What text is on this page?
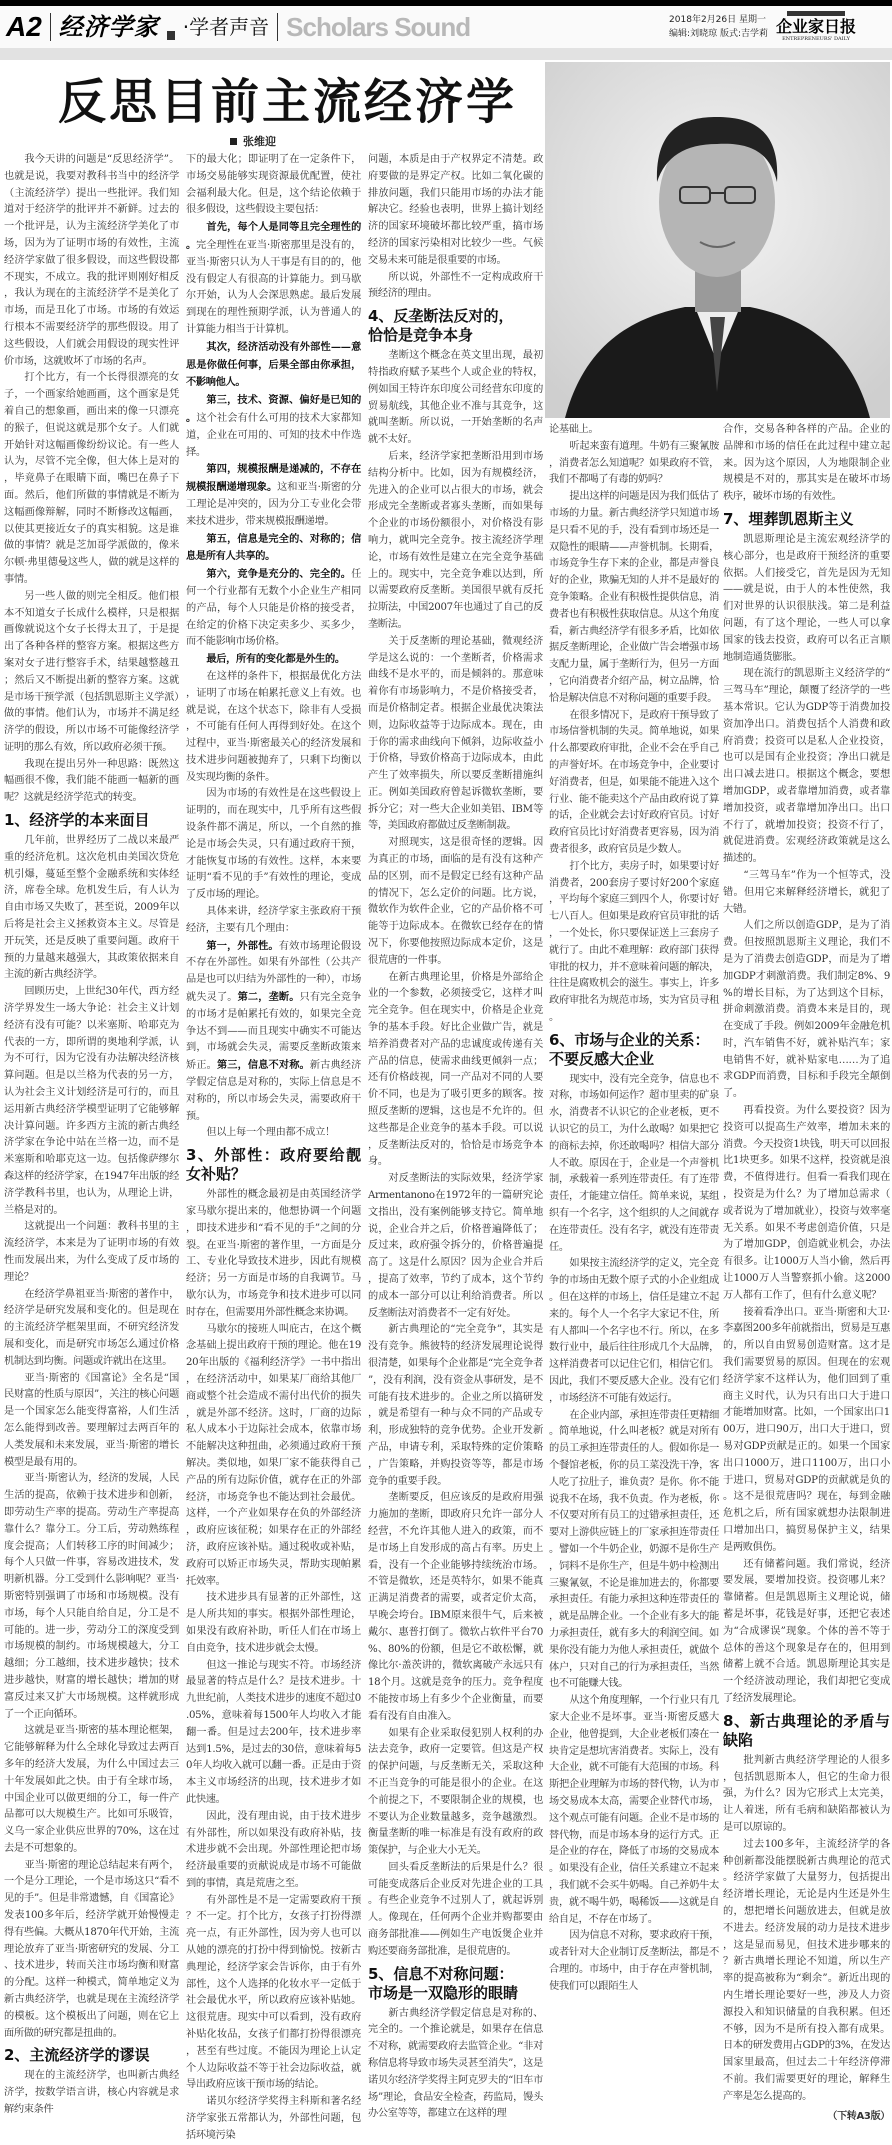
A2 经济学家 ·学者声音 Scholars Sound	2018年2月26日 星期一
编辑:刘晓琼 版式:吉学莉 企业家日报
ENTREPRENEURS' DAILY
反思目前主流经济学
张维迎

我今天讲的问题是“反思经济学”。也就是说，我要对教科书当中的经济学（主流经济学）提出一些批评。我们知道对于经济学的批评并不新鲜。过去的一个批评是，认为主流经济学美化了市场，因为为了证明市场的有效性，主流经济学家做了很多假设，而这些假设都不现实，不成立。我的批评则刚好相反，我认为现在的主流经济学不是美化了市场，而是丑化了市场。市场的有效运行根本不需要经济学的那些假设。用了这些假设，人们就会用假设的现实性评价市场，这就败坏了市场的名声。

打个比方，有一个长得很漂亮的女子，一个画家给她画画，这个画家是凭着自己的想象画，画出来的像一只漂亮的猴子，但说这就是那个女子。人们就开始针对这幅画像纷纷议论。有一些人认为，尽管不完全像，但大体上是对的，毕竟鼻子在眼睛下面，嘴巴在鼻子下面。然后，他们所做的事情就是不断为这幅画像辩解，同时不断修改这幅画，以使其更接近女子的真实相貌。这是谁做的事情？就是芝加哥学派做的，像米尔顿·弗里德曼这些人，做的就是这样的事情。

另一些人做的则完全相反。他们根本不知道女子长成什么模样，只是根据画像就说这个女子长得太丑了，于是提出了各种各样的整容方案。根据这些方案对女子进行整容手术，结果越整越丑；然后又不断提出新的整容方案。这就是市场干预学派（包括凯恩斯主义学派）做的事情。他们认为，市场并不满足经济学的假设，所以市场不可能像经济学证明的那么有效，所以政府必须干预。

我现在提出另外一种思路：既然这幅画很不像，我们能不能画一幅新的画呢？这就是经济学范式的转变。

1、经济学的本来面目

几年前，世界经历了二战以来最严重的经济危机。这次危机由美国次贷危机引爆，蔓延至整个金融系统和实体经济，席卷全球。危机发生后，有人认为自由市场又失败了，甚至说，2009年以后将是社会主义拯救资本主义。尽管是开玩笑，还是反映了重要问题。政府干预的力量越来越强大，其政策依据来自主流的新古典经济学。

回顾历史，上世纪30年代，西方经济学界发生一场大争论：社会主义计划经济有没有可能？以米塞斯、哈耶克为代表的一方，即所谓的奥地利学派，认为不可行，因为它没有办法解决经济核算问题。但是以兰格为代表的另一方，认为社会主义计划经济是可行的，而且运用新古典经济学模型证明了它能够解决计算问题。许多西方主流的新古典经济学家在争论中站在兰格一边，而不是米塞斯和哈耶克这一边。包括像萨缪尔森这样的经济学家，在1947年出版的经济学教科书里，也认为，从理论上讲，兰格是对的。

这就提出一个问题：教科书里的主流经济学，本来是为了证明市场的有效性而发展出来，为什么变成了反市场的理论？

在经济学鼻祖亚当·斯密的著作中，经济学是研究发展和变化的。但是现在的主流经济学框架里面，不研究经济发展和变化，而是研究市场怎么通过价格机制达到均衡。问题或许就出在这里。

亚当·斯密的《国富论》全名是“国民财富的性质与原因”，关注的核心问题是一个国家怎么能变得富裕，人们生活怎么能得到改善。要理解过去两百年的人类发展和未来发展，亚当·斯密的增长模型是最有用的。

亚当·斯密认为，经济的发展，人民生活的提高，依赖于技术进步和创新，即劳动生产率的提高。劳动生产率提高靠什么？靠分工。分工后，劳动熟练程度会提高；人们转移工序的时间减少；每个人只做一件事，容易改进技术，发明新机器。分工受到什么影响呢？亚当·斯密特别强调了市场和市场规模。没有市场，每个人只能自给自足，分工是不可能的。进一步，劳动分工的深度受到市场规模的制约。市场规模越大，分工越细；分工越细，技术进步越快；技术进步越快，财富的增长越快；增加的财富反过来又扩大市场规模。这样就形成了一个正向循环。

这就是亚当·斯密的基本理论框架，它能够解释为什么全球化导致过去两百多年的经济大发展，为什么中国过去三十年发展如此之快。由于有全球市场，中国企业可以做更细的分工，每一件产品都可以大规模生产。比如可乐吸管，义乌一家企业供应世界的70%，这在过去是不可想象的。

亚当·斯密的理论总结起来有两个，一个是分工理论，一个是市场这只“看不见的手”。但是非常遗憾，自《国富论》发表100多年后，经济学就开始慢慢走得有些偏。大概从1870年代开始，主流理论放弃了亚当·斯密研究的发展、分工、技术进步，转而关注市场均衡和财富的分配。这样一种模式，简单地定义为新古典经济学，也就是现在主流经济学的模板。这个模板出了问题，则在它上面所做的研究都是扭曲的。

2、主流经济学的谬误

现在的主流经济学，也叫新古典经济学，按数学语言讲，核心内容就是求解约束条件

下的最大化；即证明了在一定条件下，市场交易能够实现资源最优配置，使社会福利最大化。但是，这个结论依赖于很多假设，这些假设主要包括：

首先，每个人是同等且完全理性的。完全理性在亚当·斯密那里是没有的，亚当·斯密只认为人干事是有目的的，他没有假定人有很高的计算能力。到马歇尔开始，认为人会深思熟虑。最后发展到现在的理性预期学派，认为普通人的计算能力相当于计算机。

其次，经济活动没有外部性——意思是你做任何事，后果全部由你承担，不影响他人。

第三，技术、资源、偏好是已知的。这个社会有什么可用的技术大家都知道，企业在可用的、可知的技术中作选择。

第四，规模报酬是递减的，不存在规模报酬递增现象。这和亚当·斯密的分工理论是冲突的，因为分工专业化会带来技术进步，带来规模报酬递增。

第五，信息是完全的、对称的；信息是所有人共享的。

第六，竞争是充分的、完全的。任何一个行业都有无数个小企业生产相同的产品，每个人只能是价格的接受者，在给定的价格下决定卖多少、买多少，而不能影响市场价格。

最后，所有的变化都是外生的。

在这样的条件下，根据最优化方法，证明了市场在帕累托意义上有效。也就是说，在这个状态下，除非有人受损，不可能有任何人再得到好处。在这个过程中，亚当·斯密最关心的经济发展和技术进步问题被抛弃了，只剩下均衡以及实现均衡的条件。

因为市场的有效性是在这些假设上证明的，而在现实中，几乎所有这些假设条件都不满足，所以，一个自然的推论是市场会失灵，只有通过政府干预，才能恢复市场的有效性。这样，本来要证明“看不见的手”有效性的理论，变成了反市场的理论。

具体来讲，经济学家主张政府干预经济，主要有几个理由：

第一，外部性。有效市场理论假设不存在外部性。如果有外部性（公共产品是也可以归结为外部性的一种），市场就失灵了。第二，垄断。只有完全竞争的市场才是帕累托有效的，如果完全竞争达不到——而且现实中确实不可能达到，市场就会失灵，需要反垄断政策来矫正。第三，信息不对称。新古典经济学假定信息是对称的，实际上信息是不对称的，所以市场会失灵，需要政府干预。

但以上每一个理由都不成立！

3、外部性：政府要给靓女补贴？

外部性的概念最初是由英国经济学家马歇尔提出来的，他想协调一个问题，即技术进步和“看不见的手”之间的分裂。在亚当·斯密的著作里，一方面是分工、专业化导致技术进步，因此有规模经济；另一方面是市场的自我调节。马歇尔认为，市场竞争和技术进步可以同时存在，但需要用外部性概念来协调。

马歇尔的接班人叫庇古，在这个概念基础上提出政府干预的理论。他在1920年出版的《福利经济学》一书中指出，在经济活动中，如果某厂商给其他厂商或整个社会造成不需付出代价的损失，就是外部不经济。这时，厂商的边际私人成本小于边际社会成本，依靠市场不能解决这种扭曲，必须通过政府干预解决。类似地，如果厂家不能获得自己产品的所有边际价值，就存在正的外部经济，市场竞争也不能达到社会最优。这样，一个产业如果存在负的外部经济，政府应该征税；如果存在正的外部经济，政府应该补贴。通过税收或补贴，政府可以矫正市场失灵，帮助实现帕累托效率。

技术进步具有显著的正外部性，这是人所共知的事实。根据外部性理论，如果没有政府补助，听任人们在市场上自由竞争，技术进步就会太慢。

但这一推论与现实不符。市场经济最显著的特点是什么？是技术进步。十九世纪前，人类技术进步的速度不超过0.05%，意味着每1500年人均收入才能翻一番。但是过去200年，技术进步率达到1.5%，是过去的30倍，意味着每50年人均收入就可以翻一番。正是由于资本主义市场经济的出现，技术进步才如此快速。

因此，没有理由说，由于技术进步有外部性，所以如果没有政府补贴，技术进步就不会出现。外部性理论把市场经济最重要的贡献说成是市场不可能做到的事情，真是荒唐之至。

有外部性是不是一定需要政府干预？不一定。打个比方，女孩子打扮得漂亮一点，有正外部性，因为旁人也可以从她的漂亮的打扮中得到愉悦。按新古典理论，经济学家会告诉你，由于有外部性，这个人选择的化妆水平一定低于社会最优水平，所以政府应该补贴她。这很荒唐。现实中可以看到，没有政府补贴化妆品，女孩子们都打扮得很漂亮，甚至有些过度。不能因为理论上认定个人边际收益不等于社会边际收益，就导出政府应该干预市场的结论。

诺贝尔经济学奖得主科斯和著名经济学家张五常都认为，外部性问题，包括环境污染

问题，本质是由于产权界定不清楚。政府要做的是界定产权。比如二氧化碳的排放问题，我们只能用市场的办法才能解决它。经验也表明，世界上搞计划经济的国家环境破坏都比较严重，搞市场经济的国家污染相对比较少一些。气候交易未来可能是很重要的市场。

所以说，外部性不一定构成政府干预经济的理由。

4、反垄断法反对的，
恰恰是竞争本身

垄断这个概念在英文里出现，最初特指政府赋予某些个人或企业的特权，例如国王特许东印度公司经营东印度的贸易航线，其他企业不准与其竞争，这就叫垄断。所以说，一开始垄断的名声就不太好。

后来，经济学家把垄断沿用到市场结构分析中。比如，因为有规模经济，先进入的企业可以占很大的市场，就会形成完全垄断或者寡头垄断，而如果每个企业的市场份额很小，对价格没有影响力，就叫完全竞争。按主流经济学理论，市场有效性是建立在完全竞争基础上的。现实中，完全竞争难以达到，所以需要政府反垄断。美国很早就有反托拉斯法，中国2007年也通过了自己的反垄断法。

关于反垄断的理论基础，微观经济学是这么说的：一个垄断者，价格需求曲线不是水平的，而是倾斜的。那意味着你有市场影响力，不是价格接受者，而是价格制定者。根据企业最优决策法则，边际收益等于边际成本。现在，由于你的需求曲线向下倾斜，边际收益小于价格，导致价格高于边际成本，由此产生了效率损失，所以要反垄断措施纠正。例如美国政府曾起诉微软垄断，要拆分它；对一些大企业如美铝、IBM等等，美国政府都做过反垄断制裁。

对照现实，这是很奇怪的逻辑。因为真正的市场，面临的是有没有这种产品的区别，而不是假定已经有这种产品的情况下，怎么定价的问题。比方说，微软作为软件企业，它的产品价格不可能等于边际成本。在微软已经存在的情况下，你要他按照边际成本定价，这是很荒唐的一件事。

在新古典理论里，价格是外部给企业的一个参数，必须接受它，这样才叫完全竞争。但在现实中，价格是企业竞争的基本手段。好比企业做广告，就是培养消费者对产品的忠诚度或传递有关产品的信息，使需求曲线更倾斜一点；还有价格歧视，同一产品对不同的人要价不同，也是为了吸引更多的顾客。按照反垄断的逻辑，这也是不允许的。但这些都是企业竞争的基本手段。可以说，反垄断法反对的，恰恰是市场竞争本身。

对反垄断法的实际效果，经济学家Armentanono在1972年的一篇研究论文指出，没有案例能够支持它。简单地说，企业合并之后，价格普遍降低了；反过来，政府强令拆分的，价格普遍提高了。这是什么原因？因为企业合并后，提高了效率，节约了成本，这个节约的成本一部分可以让利给消费者。所以反垄断法对消费者不一定有好处。

新古典理论的“完全竞争”，其实是没有竞争。熊彼特的经济发展理论说得很清楚，如果每个企业都是“完全竞争者”，没有利润，没有资金从事研发，是不可能有技术进步的。企业之所以搞研发，就是希望有一种与众不同的产品或专利，形成独特的竞争优势。企业开发新产品，申请专利，采取特殊的定价策略，广告策略，并购投资等等，都是市场竞争的重要手段。

垄断要反，但应该反的是政府用强力施加的垄断，即政府只允许一部分人经营，不允许其他人进入的政策，而不是市场上自发形成的高占有率。历史上看，没有一个企业能够持续统治市场。不管是微软，还是英特尔，如果不能真正满足消费者的需要，或者定价太高，早晚会垮台。IBM原来很牛气，后来被戴尔、惠普打倒了。微软占软件平台70%、80%的份额，但是它不敢松懈，就像比尔·盖茨讲的，微软离破产永远只有18个月。这就是竞争的压力。竞争程度不能按市场上有多少个企业衡量，而要看有没有自由准入。

如果有企业采取侵犯别人权利的办法去竞争，政府一定要管。但这是产权的保护问题，与反垄断无关，采取这种不正当竞争的可能是很小的企业。在这个前提之下，不要限制企业的规模，也不要认为企业数量越多，竞争越激烈。衡量垄断的唯一标准是有没有政府的政策保护，与企业大小无关。

回头看反垄断法的后果是什么？很可能变成落后企业反对先进企业的工具。有些企业竞争不过别人了，就起诉别人。像现在，任何两个企业并购都要由商务部批准——例如生产电饭煲企业并购还要商务部批准，是很荒唐的。

5、信息不对称问题：
市场是一双隐形的眼睛

新古典经济学假定信息是对称的、完全的。一个推论就是，如果存在信息不对称，就需要政府去监管企业。“非对称信息将导致市场失灵甚至消失”，这是诺贝尔经济学奖得主阿克罗夫的“旧车市场”理论，食品安全检查，药监局，馒头办公室等等，都建立在这样的理

论基础上。

听起来蛮有道理。牛奶有三聚氰胺，消费者怎么知道呢？如果政府不管，我们不都喝了有毒的奶吗？

提出这样的问题是因为我们低估了市场的力量。新古典经济学只知道市场是只看不见的手，没有看到市场还是一双隐性的眼睛——声誉机制。长期看，市场竞争生存下来的企业，都是声誉良好的企业，欺骗无知的人并不是最好的竞争策略。企业有积极性提供信息，消费者也有积极性获取信息。从这个角度看，新古典经济学有很多矛盾，比如依据反垄断理论，企业做广告会增强市场支配力量，属于垄断行为，但另一方面，它向消费者介绍产品，树立品牌，恰恰是解决信息不对称问题的重要手段。

在很多情况下，是政府干预导致了市场信誉机制的失灵。简单地说，如果什么都要政府审批，企业不会在乎自己的声誉好坏。在市场竞争中，企业要讨好消费者，但是，如果能不能进入这个行业、能不能卖这个产品由政府说了算的话，企业就会去讨好政府官员。讨好政府官员比讨好消费者更容易，因为消费者很多，政府官员是少数人。

打个比方，卖房子时，如果要讨好消费者，200套房子要讨好200个家庭，平均每个家庭三到四个人，你要讨好七八百人。但如果是政府官员审批的话，一个处长，你只要保证送上三套房子就行了。由此不难理解：政府部门获得审批的权力，并不意味着问题的解决，往往是腐败机会的滋生。事实上，许多政府审批名为规范市场，实为官员寻租。

6、市场与企业的关系：
不要反感大企业

现实中，没有完全竞争，信息也不对称，市场如何运作？超市里卖的矿泉水，消费者不认识它的企业老板，更不认识它的员工，为什么敢喝？如果把它的商标去掉，你还敢喝吗？相信大部分人不敢。原因在于，企业是一个声誉机制，承载着一系列连带责任。有了连带责任，才能建立信任。简单来说，某组织有一个名字，这个组织的人之间就存在连带责任。没有名字，就没有连带责任。

如果按主流经济学的定义，完全竞争的市场由无数个原子式的小企业组成。但在这样的市场上，信任是建立不起来的。每个人一个名字大家记不住，所有人都叫一个名字也不行。所以，在多数行业中，最后往往形成几个大品牌，这样消费者可以记住它们，相信它们。因此，我们不要反感大企业。没有它们，市场经济不可能有效运行。

在企业内部，承担连带责任更精细。简单地说，什么叫老板？就是对所有的员工承担连带责任的人。假如你是一个餐馆老板，你的员工菜没洗干净，客人吃了拉肚子，谁负责？是你。你不能说我不在场，我不负责。作为老板，你不仅要对所有员工的过错承担责任，还要对上游供应链上的厂家承担连带责任。譬如一个牛奶企业，奶源不是你生产，饲料不是你生产，但是牛奶中检测出三聚氰氨，不论是谁加进去的，你都要承担责任。有能力承担这种连带责任的，就是品牌企业。一个企业有多大的能力承担责任，就有多大的利润空间。如果你没有能力为他人承担责任，就做个体户，只对自己的行为承担责任，当然也不可能赚大钱。

从这个角度理解，一个行业只有几家大企业不是坏事。亚当·斯密反感大企业，他曾提到，大企业老板们凑在一块肯定是想坑害消费者。实际上，没有大企业，就不可能有大范围的市场。科斯把企业理解为市场的替代物，认为市场交易成本太高，需要企业替代市场，这个观点可能有问题。企业不是市场的替代物，而是市场本身的运行方式。正是企业的存在，降低了市场的交易成本。如果没有企业，信任关系建立不起来，我们就不会买牛奶喝。自己养奶牛太贵，就不喝牛奶，喝稀饭——这就是自给自足，不存在市场了。

因为信息不对称，要求政府干预，或者针对大企业制订反垄断法，都是不合理的。市场中，由于存在声誉机制，使我们可以跟陌生人

合作，交易各种各样的产品。企业的品牌和市场的信任在此过程中建立起来。因为这个原因，人为地限制企业规模是不对的，那其实是在破坏市场秩序，破坏市场的有效性。

7、埋葬凯恩斯主义

凯恩斯理论是主流宏观经济学的核心部分，也是政府干预经济的重要依据。人们接受它，首先是因为无知——就是说，由于人的本性使然，我们对世界的认识很肤浅。第二是利益问题，有了这个理论，一些人可以拿国家的钱去投资，政府可以名正言顺地制造通货膨胀。

现在流行的凯恩斯主义经济学的“三驾马车”理论，颠覆了经济学的一些基本常识。它认为GDP等于消费加投资加净出口。消费包括个人消费和政府消费；投资可以是私人企业投资，也可以是国有企业投资；净出口就是出口减去进口。根据这个概念，要想增加GDP，或者靠增加消费，或者靠增加投资，或者靠增加净出口。出口不行了，就增加投资；投资不行了，就促进消费。宏观经济政策就是这么描述的。

“三驾马车”作为一个恒等式，没错。但用它来解释经济增长，就犯了大错。

人们之所以创造GDP，是为了消费。但按照凯恩斯主义理论，我们不是为了消费去创造GDP，而是为了增加GDP才刺激消费。我们制定8%、9%的增长目标，为了达到这个目标，拼命刺激消费。消费本来是目的，现在变成了手段。例如2009年金融危机时，汽车销售不好，就补贴汽车；家电销售不好，就补贴家电……为了追求GDP而消费，目标和手段完全颠倒了。

再看投资。为什么要投资？因为投资可以提高生产效率，增加未来的消费。今天投资1块钱，明天可以回报比1块更多。如果不这样，投资就是浪费，不值得进行。但看一看我们现在，投资是为什么？为了增加总需求（或者说为了增加就业），投资与效率毫无关系。如果不考虑创造价值，只是为了增加GDP，创造就业机会，办法有很多。让1000万人当小偷，然后再让1000万人当警察抓小偷。这2000万人都有工作了，但有什么意义呢？

接着看净出口。亚当·斯密和大卫·李嘉图200多年前就指出，贸易是互惠的，所以自由贸易创造财富。这才是我们需要贸易的原因。但现在的宏观经济学家不这样认为，他们回到了重商主义时代，认为只有出口大于进口才能增加财富。比如，一个国家出口100万，进口90万，出口大于进口，贸易对GDP贡献是正的。如果一个国家出口1000万，进口1100万，出口小于进口，贸易对GDP的贡献就是负的。这不是很荒唐吗？现在，每到金融危机之后，所有国家就想办法限制进口增加出口，搞贸易保护主义，结果是两败俱伤。

还有储蓄问题。我们常说，经济要发展，要增加投资。投资哪儿来？靠储蓄。但是凯恩斯主义理论说，储蓄是坏事，花钱是好事，还把它表述为“合成谬误”现象。个体的善不等于总体的善这个现象是存在的，但用到储蓄上就不合适。凯恩斯理论其实是一个经济波动理论，我们却把它变成了经济发展理论。

8、新古典理论的矛盾与缺陷

批判新古典经济学理论的人很多，包括凯恩斯本人，但它的生命力很强，为什么？因为它形式上太完美，让人着迷，所有毛病和缺陷都被认为是可以原谅的。

过去100多年，主流经济学的各种创新都没能摆脱新古典理论的范式。经济学家做了大量努力，包括提出经济增长理论，无论是内生还是外生的，想把增长问题放进去，但就是放不进去。经济发展的动力是技术进步，这是显而易见，但技术进步哪来的？新古典增长理论不知道，所以生产率的提高被称为“剩余”。新近出现的内生增长理论要好一些，涉及人力资源投入和知识储量的自我积累。但还不够，因为不是所有投入都有成果。日本的研发费用占GDP的3%，在发达国家里最高，但过去二十年经济停滞不前。我们需要更好的理论，解释生产率是怎么提高的。

（下转A3版）
